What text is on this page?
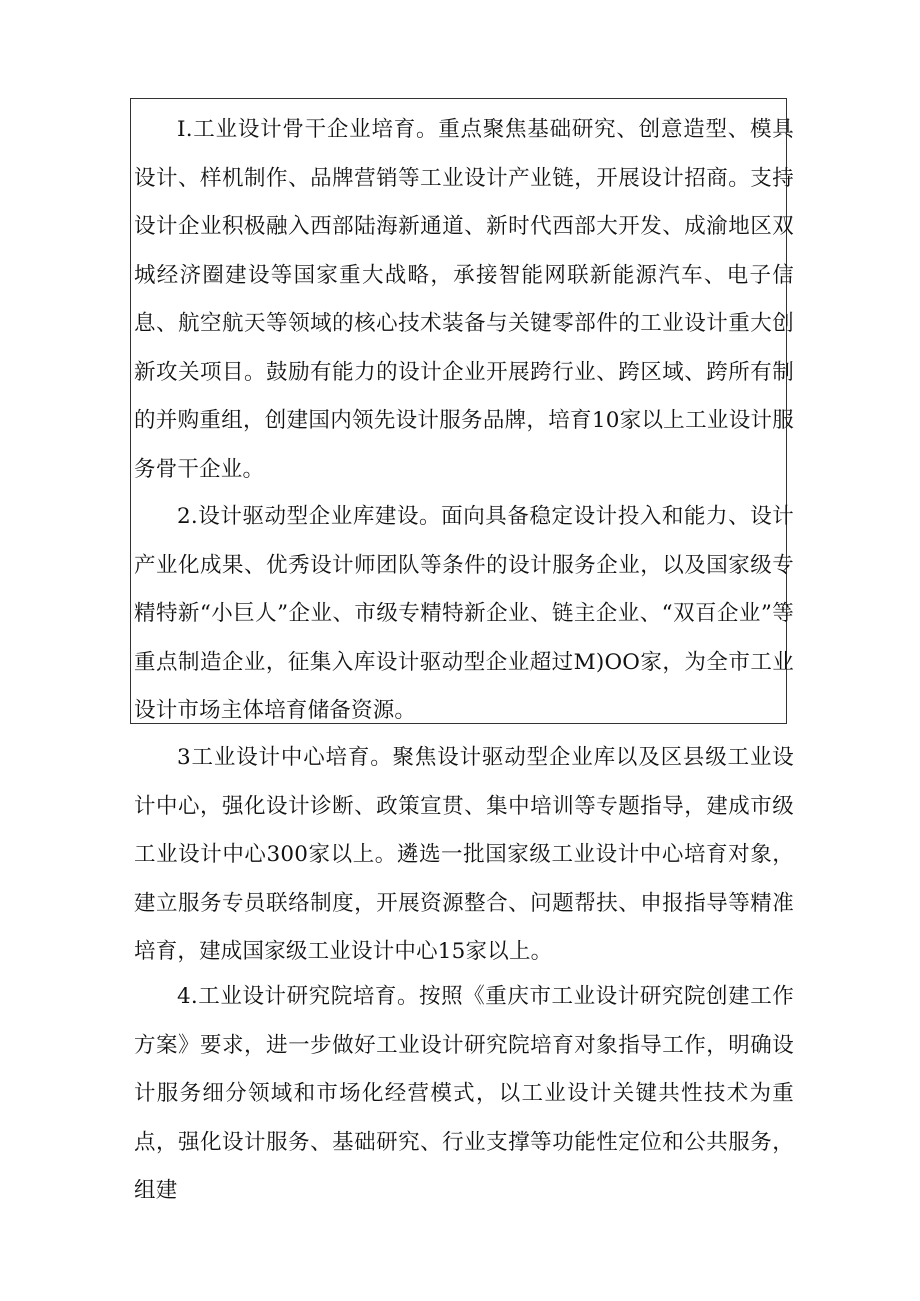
I.工业设计骨干企业培育。重点聚焦基础研究、创意造型、模具设计、样机制作、品牌营销等工业设计产业链，开展设计招商。支持设计企业积极融入西部陆海新通道、新时代西部大开发、成渝地区双城经济圈建设等国家重大战略，承接智能网联新能源汽车、电子信息、航空航天等领域的核心技术装备与关键零部件的工业设计重大创新攻关项目。鼓励有能力的设计企业开展跨行业、跨区域、跨所有制的并购重组，创建国内领先设计服务品牌，培育10家以上工业设计服务骨干企业。

2.设计驱动型企业库建设。面向具备稳定设计投入和能力、设计产业化成果、优秀设计师团队等条件的设计服务企业，以及国家级专精特新“小巨人”企业、市级专精特新企业、链主企业、“双百企业”等重点制造企业，征集入库设计驱动型企业超过M)OO家，为全市工业设计市场主体培育储备资源。

3工业设计中心培育。聚焦设计驱动型企业库以及区县级工业设计中心，强化设计诊断、政策宣贯、集中培训等专题指导，建成市级工业设计中心300家以上。遴选一批国家级工业设计中心培育对象，建立服务专员联络制度，开展资源整合、问题帮扶、申报指导等精准培育，建成国家级工业设计中心15家以上。

4.工业设计研究院培育。按照《重庆市工业设计研究院创建工作方案》要求，进一步做好工业设计研究院培育对象指导工作，明确设计服务细分领域和市场化经营模式，以工业设计关键共性技术为重点，强化设计服务、基础研究、行业支撑等功能性定位和公共服务，组建
